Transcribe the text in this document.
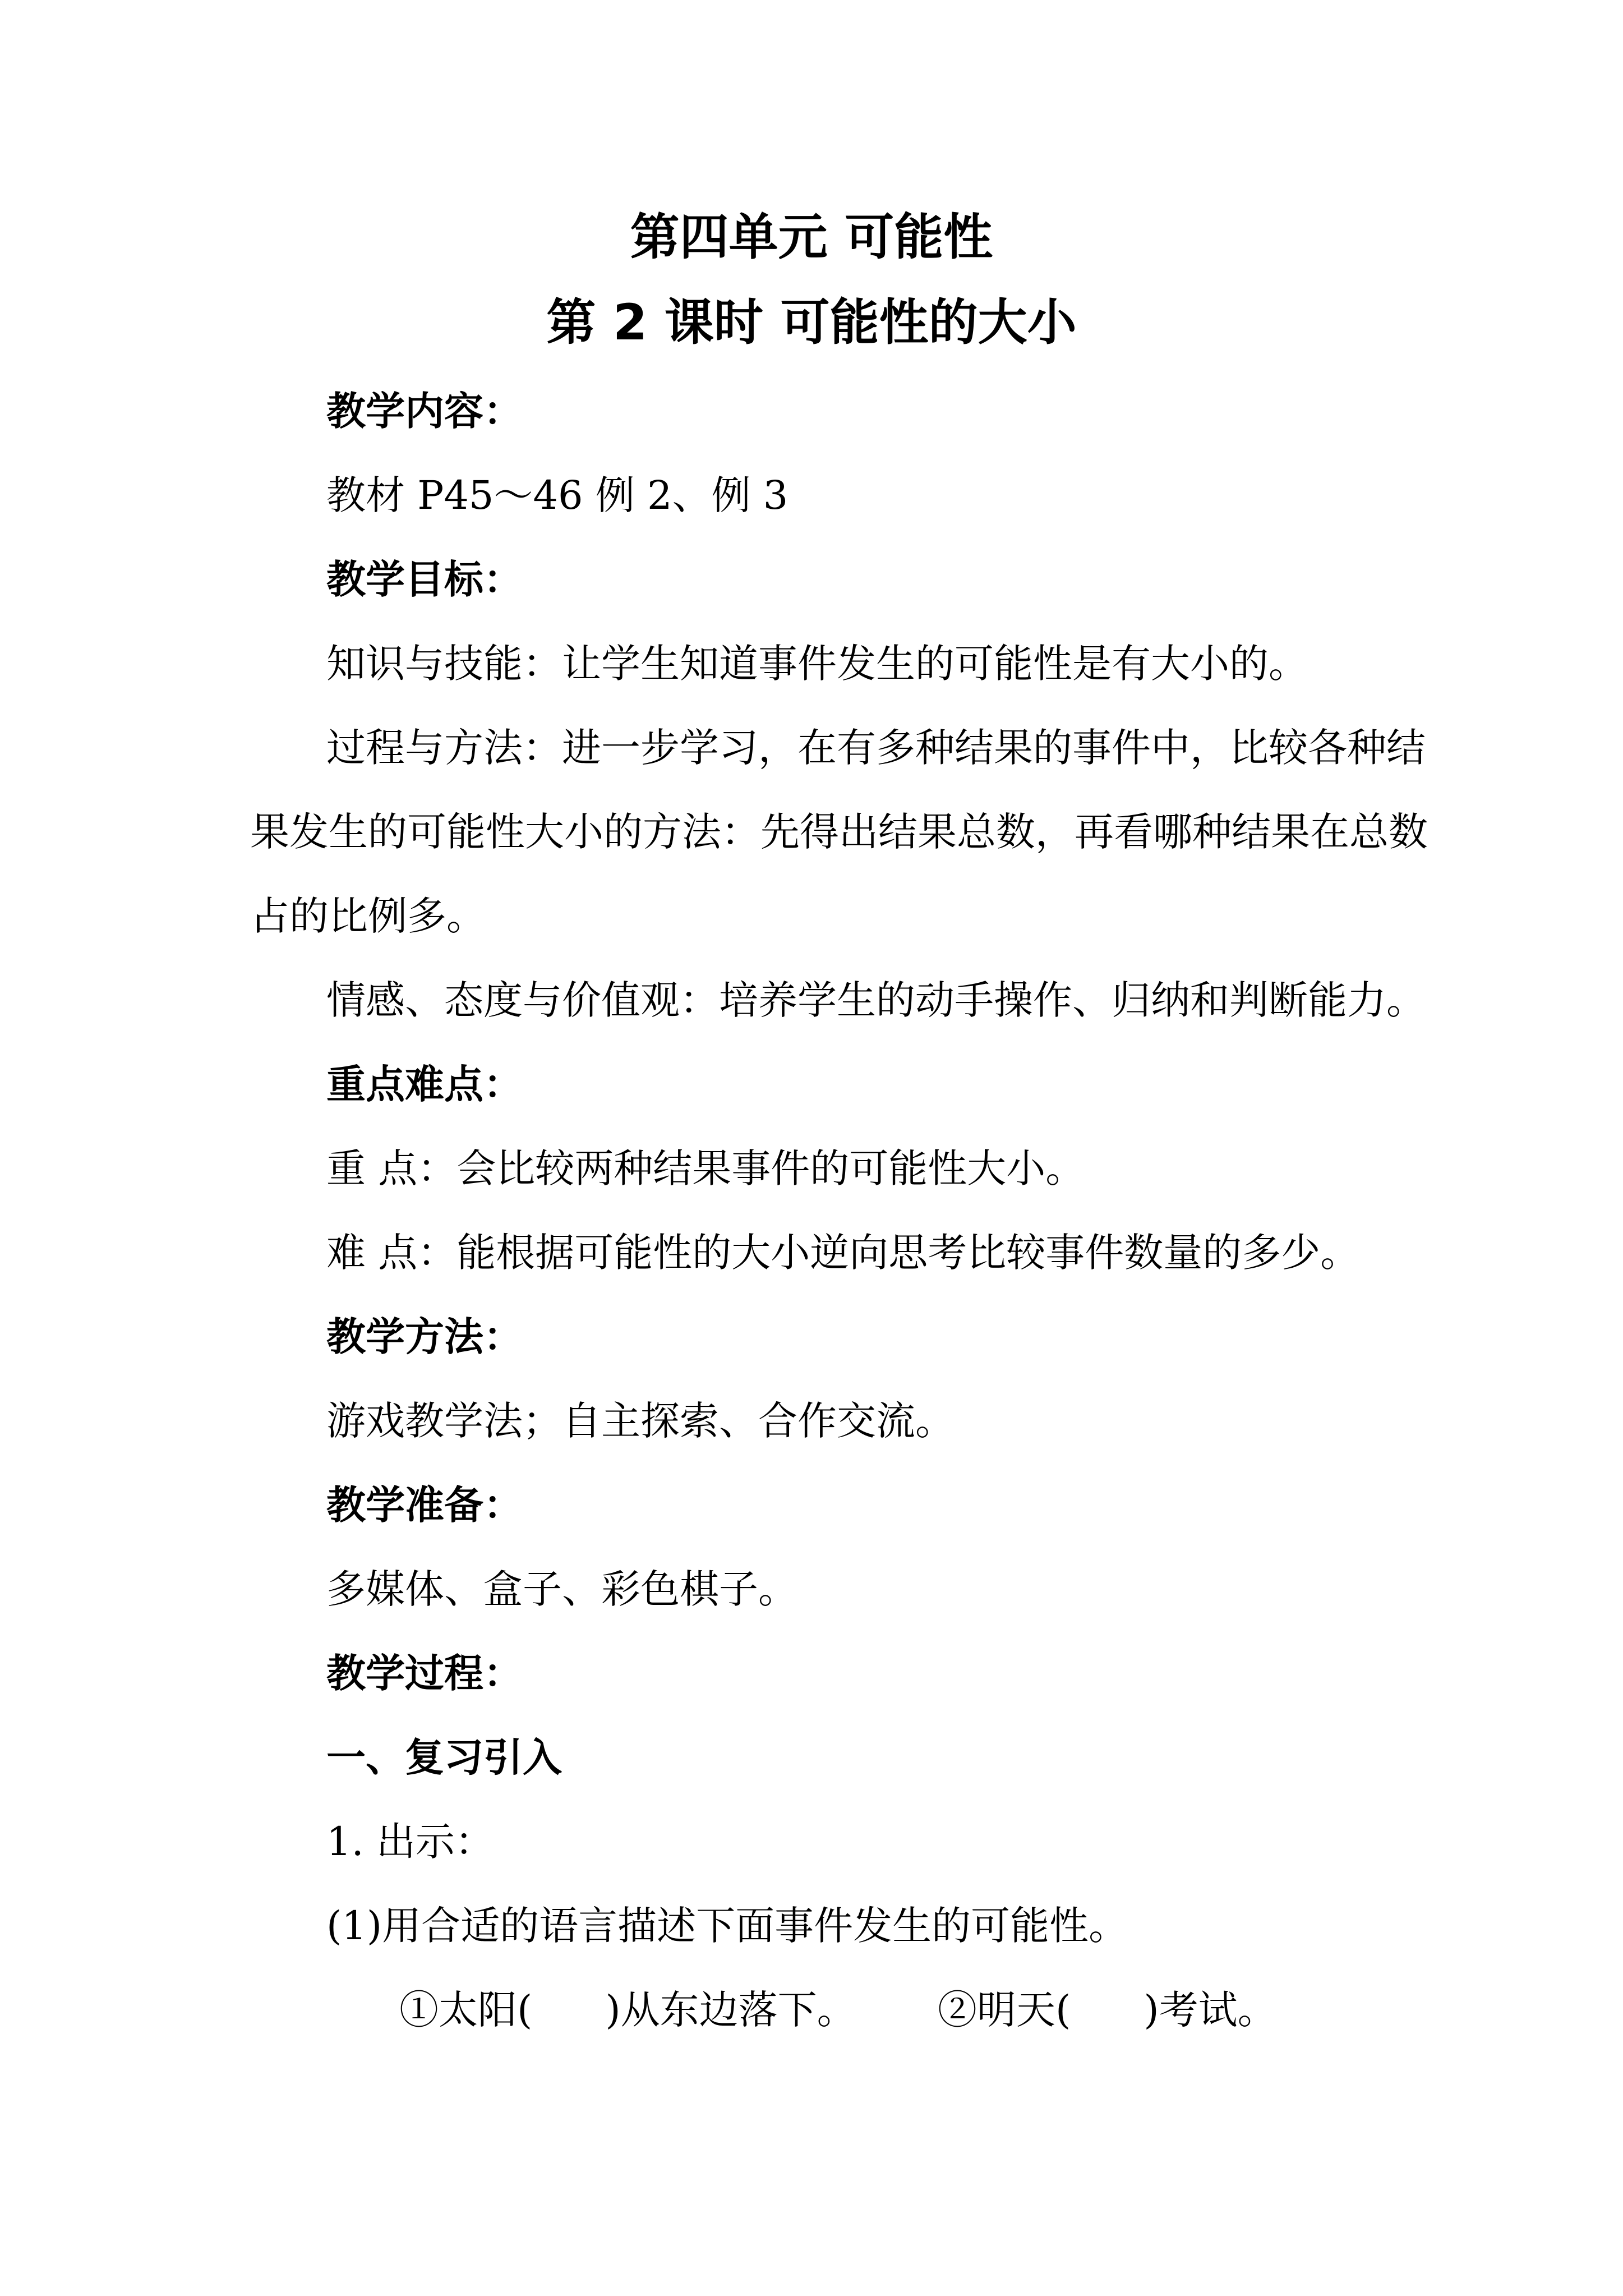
第四单元 可能性
第 2 课时 可能性的大小
教学内容：
教材 P45～46 例 2、例 3
教学目标：
知识与技能：让学生知道事件发生的可能性是有大小的。
过程与方法：进一步学习，在有多种结果的事件中，比较各种结
果发生的可能性大小的方法：先得出结果总数，再看哪种结果在总数
占的比例多。
情感、态度与价值观：培养学生的动手操作、归纳和判断能力。
重点难点：
重 点：会比较两种结果事件的可能性大小。
难 点：能根据可能性的大小逆向思考比较事件数量的多少。
教学方法：
游戏教学法；自主探索、合作交流。
教学准备：
多媒体、盒子、彩色棋子。
教学过程：
一、复习引入
1. 出示：
(1)用合适的语言描述下面事件发生的可能性。
①太阳( )从东边落下。 ②明天( )考试。
